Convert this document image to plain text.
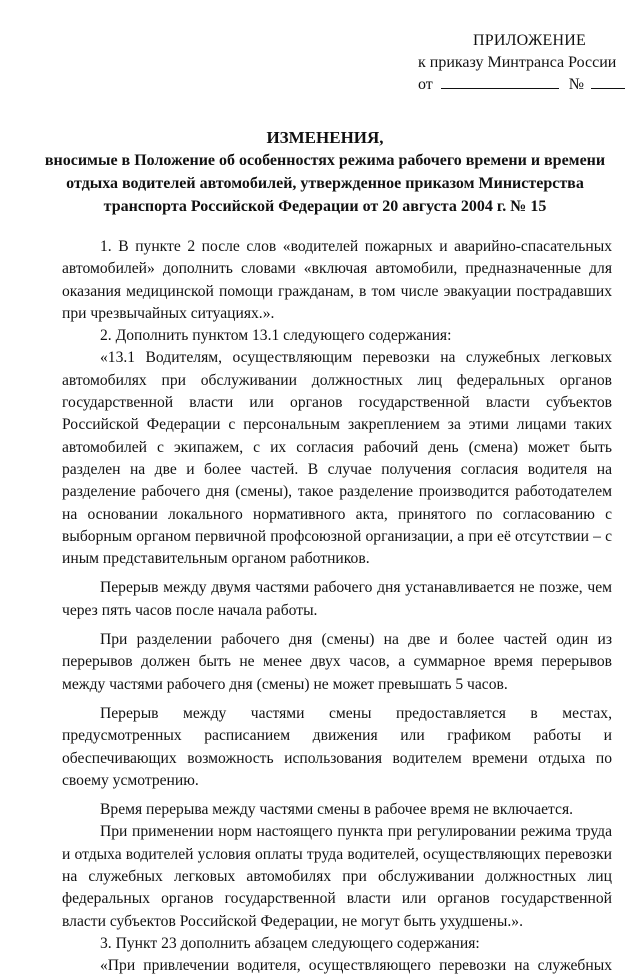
ПРИЛОЖЕНИЕ
к приказу Минтранса России
от	№
ИЗМЕНЕНИЯ,
вносимые в Положение об особенностях режима рабочего времени и времени
отдыха водителей автомобилей, утвержденное приказом Министерства
транспорта Российской Федерации от 20 августа 2004 г. № 15

1. В пункте 2 после слов «водителей пожарных и аварийно-спасательных автомобилей» дополнить словами «включая автомобили, предназначенные для оказания медицинской помощи гражданам, в том числе эвакуации пострадавших при чрезвычайных ситуациях.».

2. Дополнить пунктом 13.1 следующего содержания:

«13.1 Водителям, осуществляющим перевозки на служебных легковых автомобилях при обслуживании должностных лиц федеральных органов государственной власти или органов государственной власти субъектов Российской Федерации с персональным закреплением за этими лицами таких автомобилей с экипажем, с их согласия рабочий день (смена) может быть разделен на две и более частей. В случае получения согласия водителя на разделение рабочего дня (смены), такое разделение производится работодателем на основании локального нормативного акта, принятого по согласованию с выборным органом первичной профсоюзной организации, а при её отсутствии – с иным представительным органом работников.

Перерыв между двумя частями рабочего дня устанавливается не позже, чем через пять часов после начала работы.

При разделении рабочего дня (смены) на две и более частей один из перерывов должен быть не менее двух часов, а суммарное время перерывов между частями рабочего дня (смены) не может превышать 5 часов.

Перерыв между частями смены предоставляется в местах, предусмотренных расписанием движения или графиком работы и обеспечивающих возможность использования водителем времени отдыха по своему усмотрению.

Время перерыва между частями смены в рабочее время не включается.

При применении норм настоящего пункта при регулировании режима труда и отдыха водителей условия оплаты труда водителей, осуществляющих перевозки на служебных легковых автомобилях при обслуживании должностных лиц федеральных органов государственной власти или органов государственной власти субъектов Российской Федерации, не могут быть ухудшены.».

3. Пункт 23 дополнить абзацем следующего содержания:

«При привлечении водителя, осуществляющего перевозки на служебных
